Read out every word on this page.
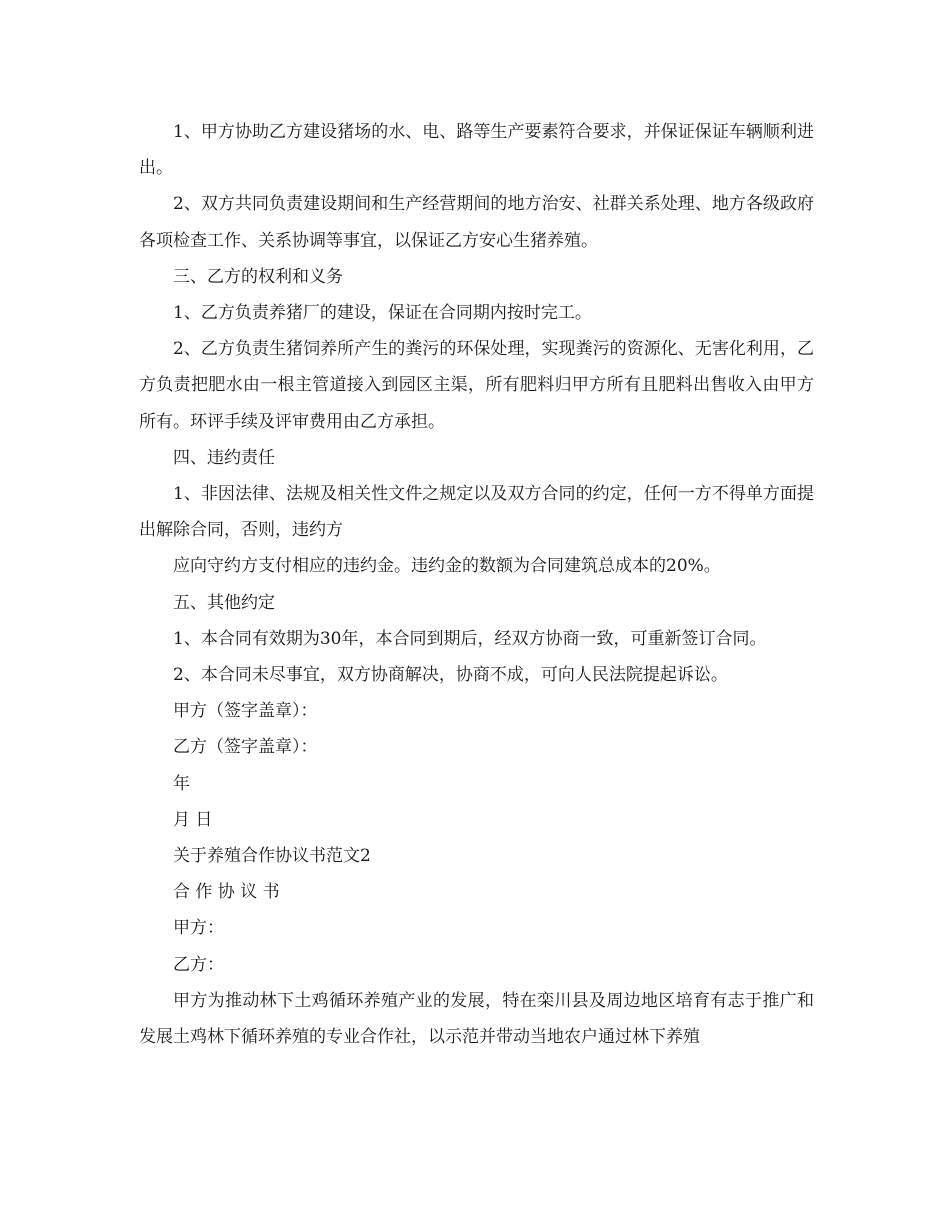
1、甲方协助乙方建设猪场的水、电、路等生产要素符合要求，并保证保证车辆顺利进出。

2、双方共同负责建设期间和生产经营期间的地方治安、社群关系处理、地方各级政府各项检查工作、关系协调等事宜，以保证乙方安心生猪养殖。

三、乙方的权利和义务

1、乙方负责养猪厂的建设，保证在合同期内按时完工。

2、乙方负责生猪饲养所产生的粪污的环保处理，实现粪污的资源化、无害化利用，乙方负责把肥水由一根主管道接入到园区主渠，所有肥料归甲方所有且肥料出售收入由甲方所有。环评手续及评审费用由乙方承担。

四、违约责任

1、非因法律、法规及相关性文件之规定以及双方合同的约定，任何一方不得单方面提出解除合同，否则，违约方

应向守约方支付相应的违约金。违约金的数额为合同建筑总成本的20%。

五、其他约定

1、本合同有效期为30年，本合同到期后，经双方协商一致，可重新签订合同。

2、本合同未尽事宜，双方协商解决，协商不成，可向人民法院提起诉讼。

甲方（签字盖章）：

乙方（签字盖章）：

年

月 日

关于养殖合作协议书范文2

合 作 协 议 书

甲方：

乙方：

甲方为推动林下土鸡循环养殖产业的发展，特在栾川县及周边地区培育有志于推广和发展土鸡林下循环养殖的专业合作社，以示范并带动当地农户通过林下养殖
